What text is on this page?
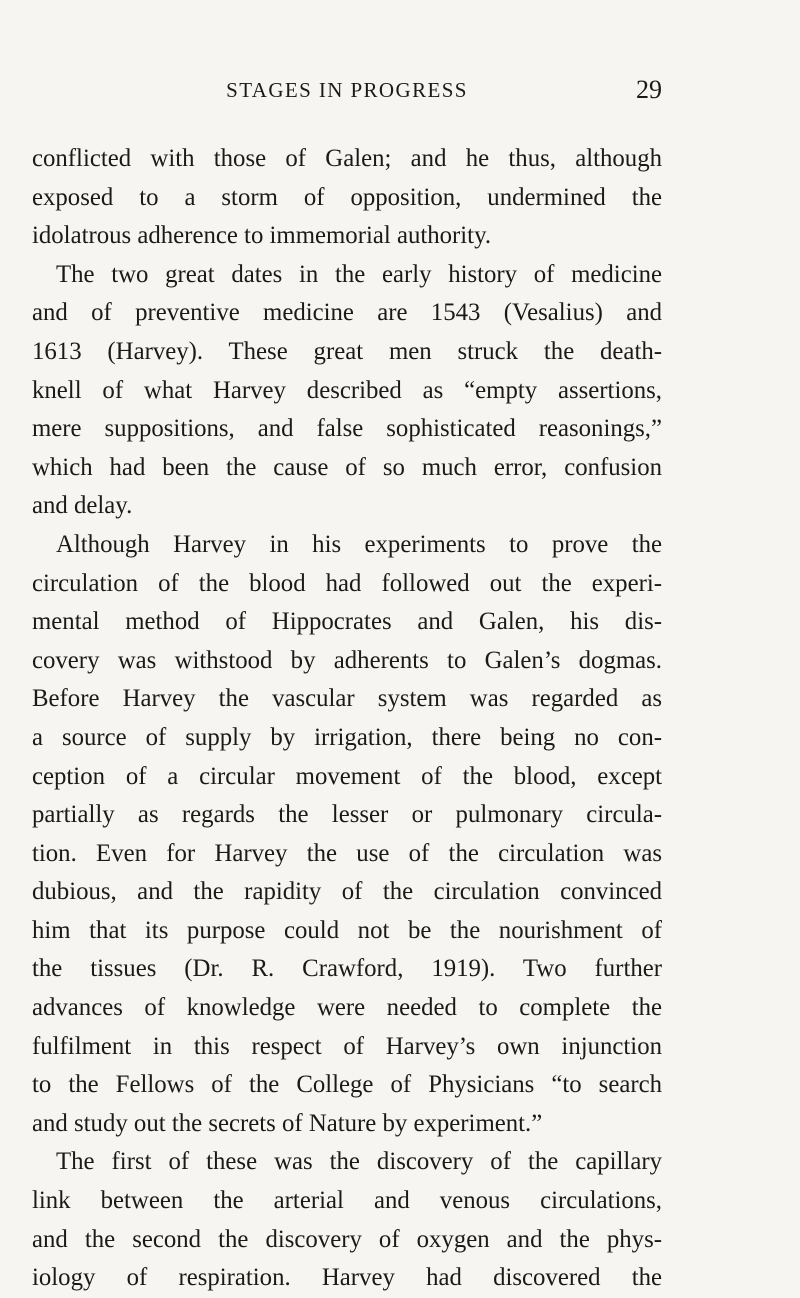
STAGES IN PROGRESS	29
conflicted with those of Galen; and he thus, although
exposed to a storm of opposition, undermined the
idolatrous adherence to immemorial authority.
The two great dates in the early history of medicine
and of preventive medicine are 1543 (Vesalius) and
1613 (Harvey). These great men struck the death-
knell of what Harvey described as “empty assertions,
mere suppositions, and false sophisticated reasonings,”
which had been the cause of so much error, confusion
and delay.
Although Harvey in his experiments to prove the
circulation of the blood had followed out the experi-
mental method of Hippocrates and Galen, his dis-
covery was withstood by adherents to Galen’s dogmas.
Before Harvey the vascular system was regarded as
a source of supply by irrigation, there being no con-
ception of a circular movement of the blood, except
partially as regards the lesser or pulmonary circula-
tion. Even for Harvey the use of the circulation was
dubious, and the rapidity of the circulation convinced
him that its purpose could not be the nourishment of
the tissues (Dr. R. Crawford, 1919). Two further
advances of knowledge were needed to complete the
fulfilment in this respect of Harvey’s own injunction
to the Fellows of the College of Physicians “to search
and study out the secrets of Nature by experiment.”
The first of these was the discovery of the capillary
link between the arterial and venous circulations,
and the second the discovery of oxygen and the phys-
iology of respiration. Harvey had discovered the
